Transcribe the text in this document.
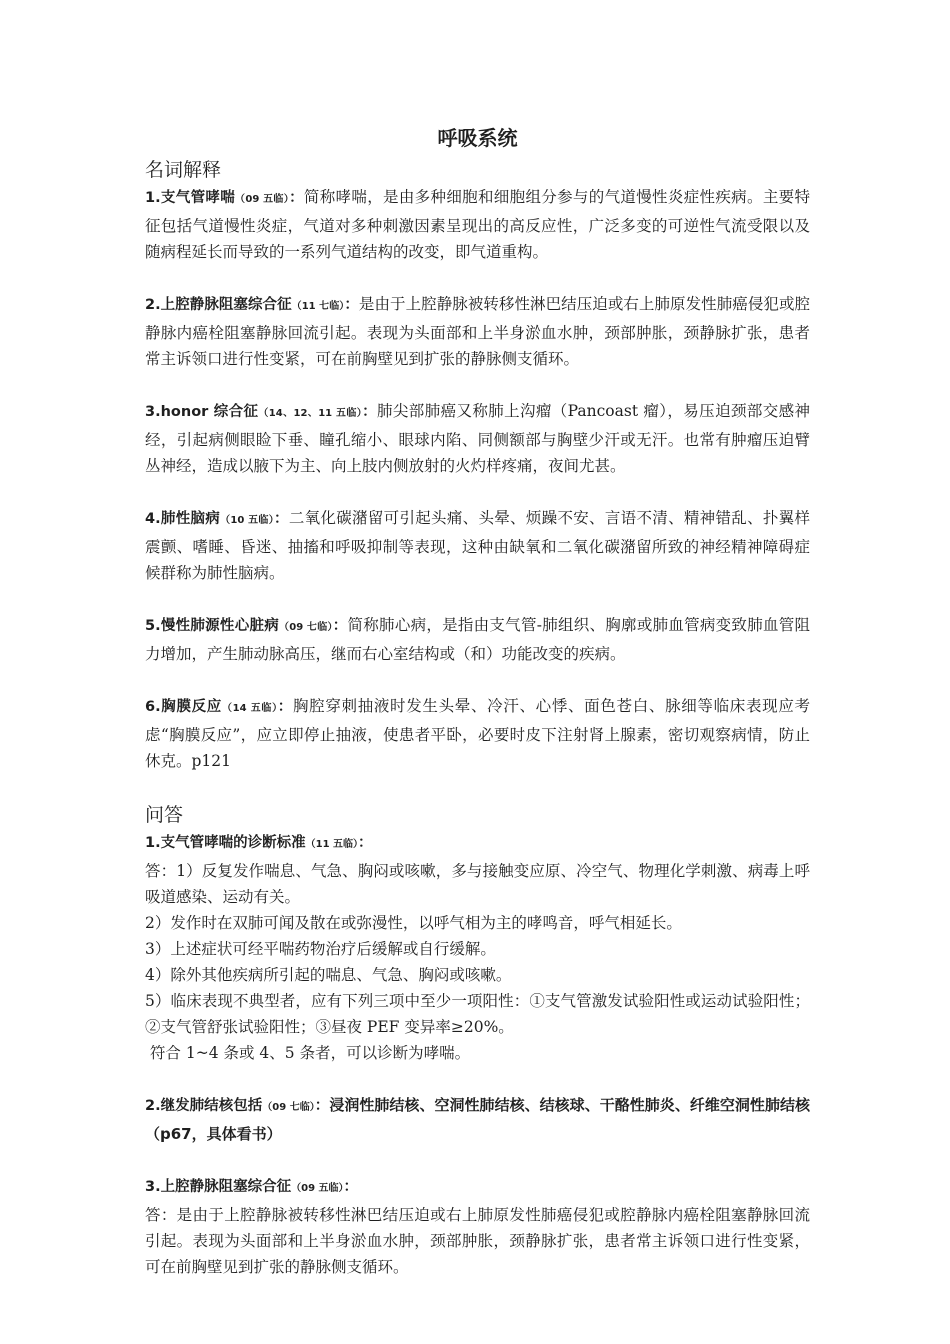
呼吸系统
名词解释
1.支气管哮喘（09 五临）：简称哮喘，是由多种细胞和细胞组分参与的气道慢性炎症性疾病。主要特征包括气道慢性炎症，气道对多种刺激因素呈现出的高反应性，广泛多变的可逆性气流受限以及随病程延长而导致的一系列气道结构的改变，即气道重构。
2.上腔静脉阻塞综合征（11 七临）：是由于上腔静脉被转移性淋巴结压迫或右上肺原发性肺癌侵犯或腔静脉内癌栓阻塞静脉回流引起。表现为头面部和上半身淤血水肿，颈部肿胀，颈静脉扩张，患者常主诉领口进行性变紧，可在前胸壁见到扩张的静脉侧支循环。
3.honor 综合征（14、12、11 五临）：肺尖部肺癌又称肺上沟瘤（Pancoast 瘤），易压迫颈部交感神经，引起病侧眼睑下垂、瞳孔缩小、眼球内陷、同侧额部与胸壁少汗或无汗。也常有肿瘤压迫臂丛神经，造成以腋下为主、向上肢内侧放射的火灼样疼痛，夜间尤甚。
4.肺性脑病（10 五临）：二氧化碳潴留可引起头痛、头晕、烦躁不安、言语不清、精神错乱、扑翼样震颤、嗜睡、昏迷、抽搐和呼吸抑制等表现，这种由缺氧和二氧化碳潴留所致的神经精神障碍症候群称为肺性脑病。
5.慢性肺源性心脏病（09 七临）：简称肺心病，是指由支气管-肺组织、胸廓或肺血管病变致肺血管阻力增加，产生肺动脉高压，继而右心室结构或（和）功能改变的疾病。
6.胸膜反应（14 五临）：胸腔穿刺抽液时发生头晕、冷汗、心悸、面色苍白、脉细等临床表现应考虑“胸膜反应”，应立即停止抽液，使患者平卧，必要时皮下注射肾上腺素，密切观察病情，防止休克。p121
问答
1.支气管哮喘的诊断标准（11 五临）：
答：1）反复发作喘息、气急、胸闷或咳嗽，多与接触变应原、冷空气、物理化学刺激、病毒上呼吸道感染、运动有关。
2）发作时在双肺可闻及散在或弥漫性，以呼气相为主的哮鸣音，呼气相延长。
3）上述症状可经平喘药物治疗后缓解或自行缓解。
4）除外其他疾病所引起的喘息、气急、胸闷或咳嗽。
5）临床表现不典型者，应有下列三项中至少一项阳性：①支气管激发试验阳性或运动试验阳性；②支气管舒张试验阳性；③昼夜 PEF 变异率≥20%。
符合 1~4 条或 4、5 条者，可以诊断为哮喘。
2.继发肺结核包括（09 七临）：浸润性肺结核、空洞性肺结核、结核球、干酪性肺炎、纤维空洞性肺结核（p67，具体看书）
3.上腔静脉阻塞综合征（09 五临）：
答：是由于上腔静脉被转移性淋巴结压迫或右上肺原发性肺癌侵犯或腔静脉内癌栓阻塞静脉回流引起。表现为头面部和上半身淤血水肿，颈部肿胀，颈静脉扩张，患者常主诉领口进行性变紧，可在前胸壁见到扩张的静脉侧支循环。
